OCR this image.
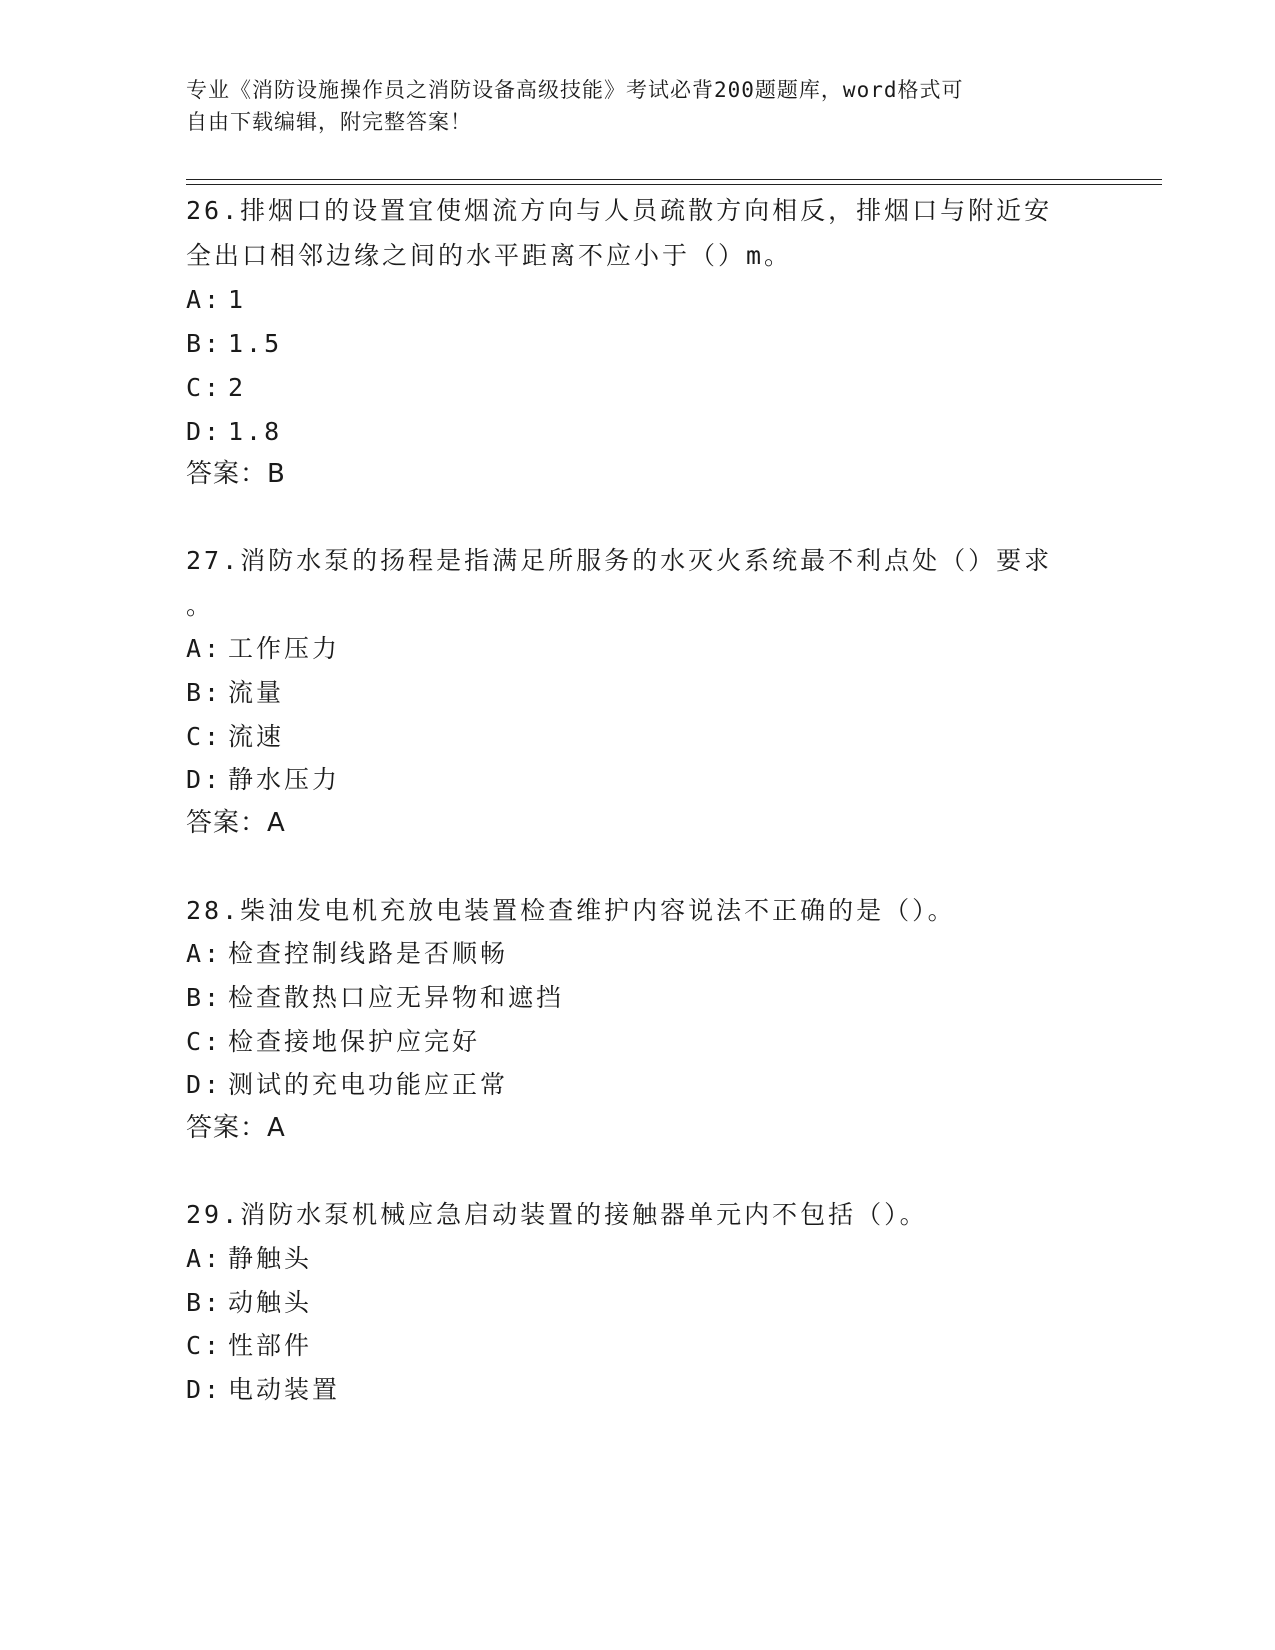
专业《消防设施操作员之消防设备高级技能》考试必背200题题库，word格式可
自由下载编辑，附完整答案！
26.排烟口的设置宜使烟流方向与人员疏散方向相反，排烟口与附近安
全出口相邻边缘之间的水平距离不应小于（）m。
A: 1
B: 1.5
C: 2
D: 1.8
答案：B
27.消防水泵的扬程是指满足所服务的水灭火系统最不利点处（）要求
。
A: 工作压力
B: 流量
C: 流速
D: 静水压力
答案：A
28.柴油发电机充放电装置检查维护内容说法不正确的是（）。
A: 检查控制线路是否顺畅
B: 检查散热口应无异物和遮挡
C: 检查接地保护应完好
D: 测试的充电功能应正常
答案：A
29.消防水泵机械应急启动装置的接触器单元内不包括（）。
A: 静触头
B: 动触头
C: 性部件
D: 电动装置
